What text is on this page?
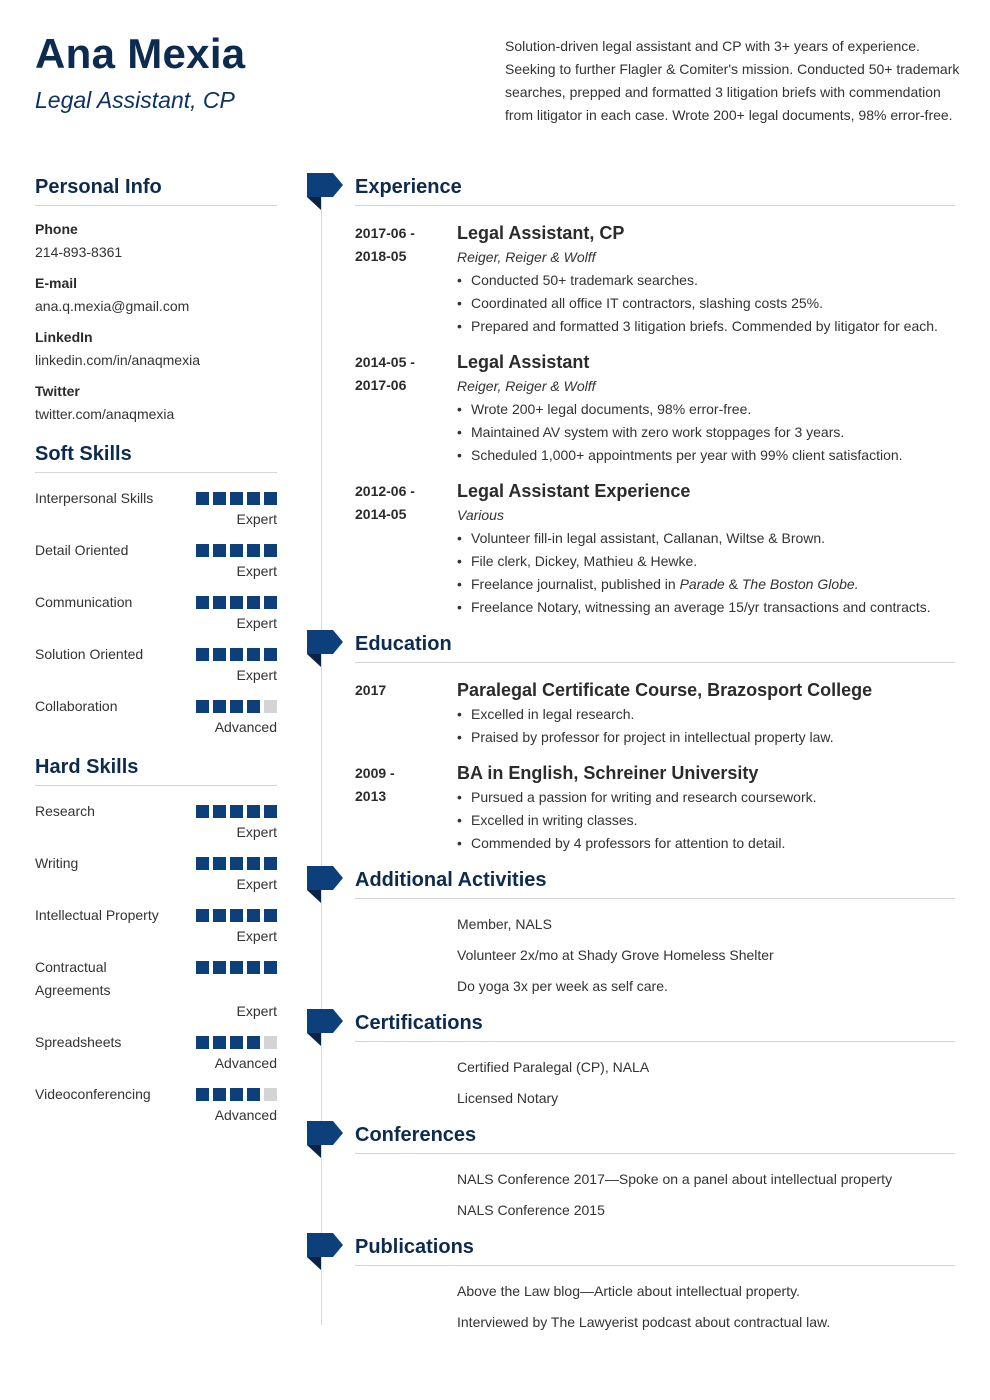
Ana Mexia
Legal Assistant, CP
Solution-driven legal assistant and CP with 3+ years of experience. Seeking to further Flagler & Comiter's mission. Conducted 50+ trademark searches, prepped and formatted 3 litigation briefs with commendation from litigator in each case. Wrote 200+ legal documents, 98% error-free.
Personal Info
Phone
214-893-8361
E-mail
ana.q.mexia@gmail.com
LinkedIn
linkedin.com/in/anaqmexia
Twitter
twitter.com/anaqmexia
Soft Skills
Interpersonal Skills
Expert
Detail Oriented
Expert
Communication
Expert
Solution Oriented
Expert
Collaboration
Advanced
Hard Skills
Research
Expert
Writing
Expert
Intellectual Property
Expert
Contractual Agreements
Expert
Spreadsheets
Advanced
Videoconferencing
Advanced
Experience
2017-06 -
2018-05
Legal Assistant, CP
Reiger, Reiger & Wolff
• Conducted 50+ trademark searches.
• Coordinated all office IT contractors, slashing costs 25%.
• Prepared and formatted 3 litigation briefs. Commended by litigator for each.
2014-05 -
2017-06
Legal Assistant
Reiger, Reiger & Wolff
• Wrote 200+ legal documents, 98% error-free.
• Maintained AV system with zero work stoppages for 3 years.
• Scheduled 1,000+ appointments per year with 99% client satisfaction.
2012-06 -
2014-05
Legal Assistant Experience
Various
• Volunteer fill-in legal assistant, Callanan, Wiltse & Brown.
• File clerk, Dickey, Mathieu & Hewke.
• Freelance journalist, published in Parade & The Boston Globe.
• Freelance Notary, witnessing an average 15/yr transactions and contracts.
Education
2017	Paralegal Certificate Course, Brazosport College
• Excelled in legal research.
• Praised by professor for project in intellectual property law.
2009 -
2013
BA in English, Schreiner University
• Pursued a passion for writing and research coursework.
• Excelled in writing classes.
• Commended by 4 professors for attention to detail.
Additional Activities
Member, NALS
Volunteer 2x/mo at Shady Grove Homeless Shelter
Do yoga 3x per week as self care.
Certifications
Certified Paralegal (CP), NALA
Licensed Notary
Conferences
NALS Conference 2017—Spoke on a panel about intellectual property
NALS Conference 2015
Publications
Above the Law blog—Article about intellectual property.
Interviewed by The Lawyerist podcast about contractual law.
